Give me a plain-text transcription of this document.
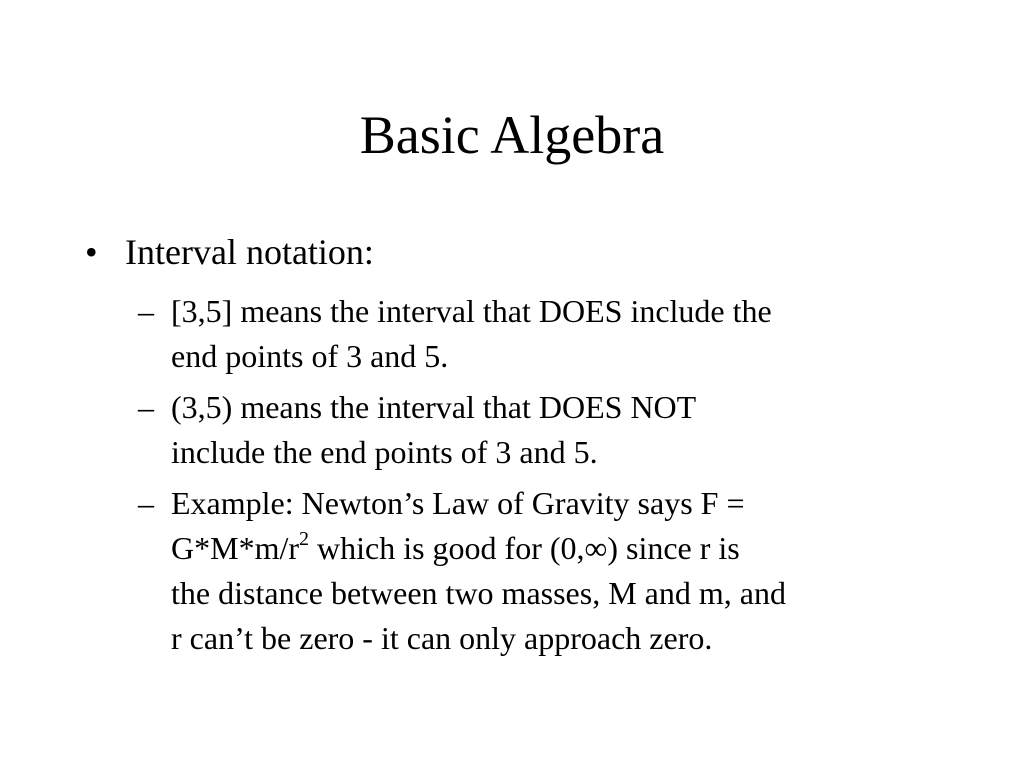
Basic Algebra
• Interval notation:
– [3,5] means the interval that DOES include the
end points of 3 and 5.
– (3,5) means the interval that DOES NOT
include the end points of 3 and 5.
– Example: Newton’s Law of Gravity says F =
$G*M*m/r^2$ which is good for (0,∞) since r is
the distance between two masses, M and m, and
r can’t be zero - it can only approach zero.
